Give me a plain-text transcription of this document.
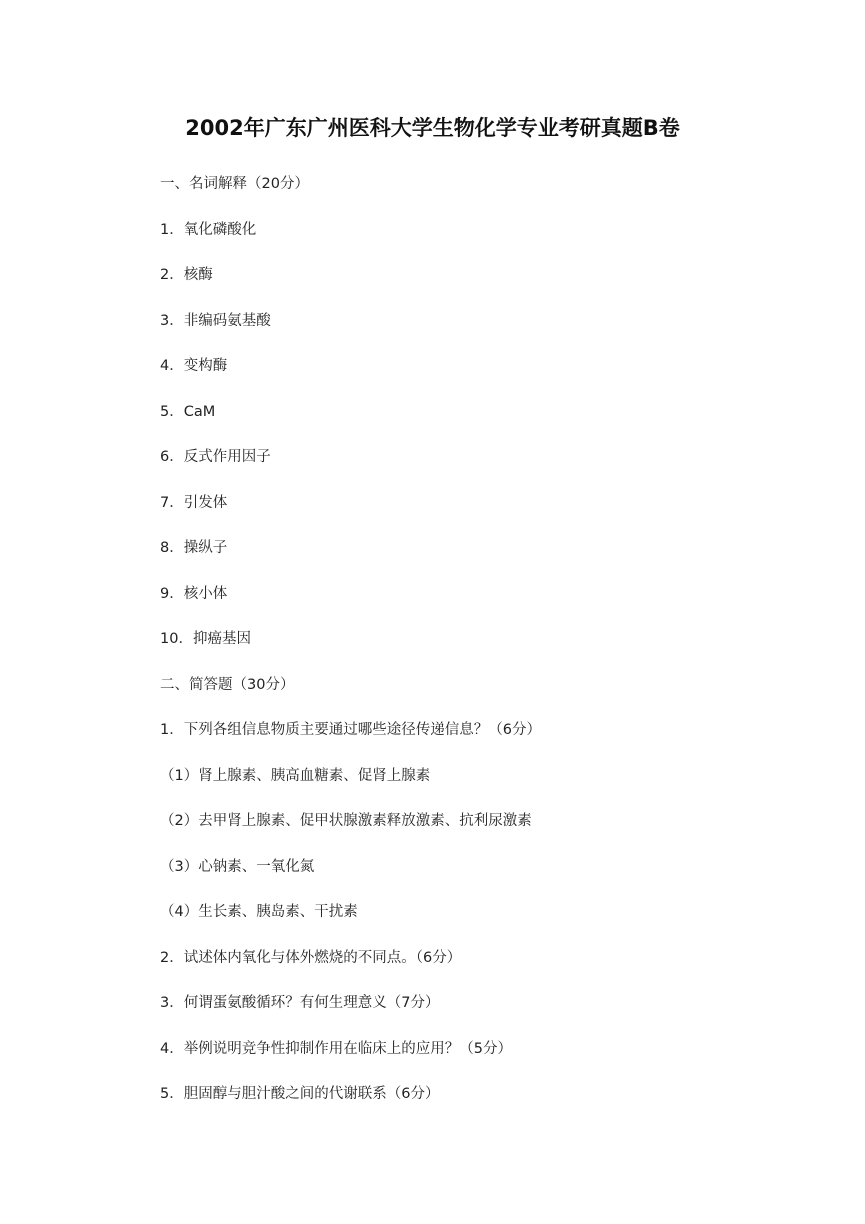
2002年广东广州医科大学生物化学专业考研真题B卷

一、名词解释（20分）

1．氧化磷酸化

2．核酶

3．非编码氨基酸

4．变构酶

5．CaM

6．反式作用因子

7．引发体

8．操纵子

9．核小体

10．抑癌基因

二、简答题（30分）

1．下列各组信息物质主要通过哪些途径传递信息？（6分）

（1）肾上腺素、胰高血糖素、促肾上腺素

（2）去甲肾上腺素、促甲状腺激素释放激素、抗利尿激素

（3）心钠素、一氧化氮

（4）生长素、胰岛素、干扰素

2．试述体内氧化与体外燃烧的不同点。（6分）

3．何谓蛋氨酸循环？有何生理意义（7分）

4．举例说明竞争性抑制作用在临床上的应用？（5分）

5．胆固醇与胆汁酸之间的代谢联系（6分）
